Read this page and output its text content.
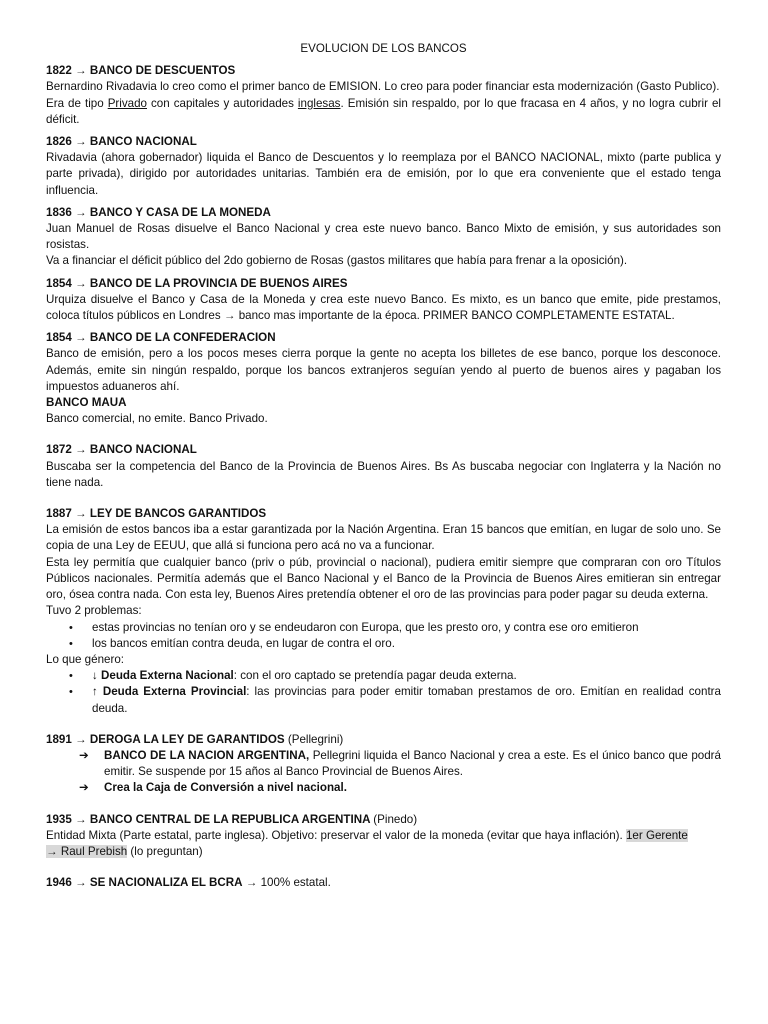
EVOLUCION DE LOS BANCOS

1822 → BANCO DE DESCUENTOS

Bernardino Rivadavia lo creo como el primer banco de EMISION. Lo creo para poder financiar esta modernización (Gasto Publico).

Era de tipo Privado con capitales y autoridades inglesas. Emisión sin respaldo, por lo que fracasa en 4 años, y no logra cubrir el déficit.

1826 → BANCO NACIONAL

Rivadavia (ahora gobernador) liquida el Banco de Descuentos y lo reemplaza por el BANCO NACIONAL, mixto (parte publica y parte privada), dirigido por autoridades unitarias. También era de emisión, por lo que era conveniente que el estado tenga influencia.

1836 → BANCO Y CASA DE LA MONEDA

Juan Manuel de Rosas disuelve el Banco Nacional y crea este nuevo banco. Banco Mixto de emisión, y sus autoridades son rosistas.

Va a financiar el déficit público del 2do gobierno de Rosas (gastos militares que había para frenar a la oposición).

1854 → BANCO DE LA PROVINCIA DE BUENOS AIRES

Urquiza disuelve el Banco y Casa de la Moneda y crea este nuevo Banco. Es mixto, es un banco que emite, pide prestamos, coloca títulos públicos en Londres → banco mas importante de la época. PRIMER BANCO COMPLETAMENTE ESTATAL.

1854 → BANCO DE LA CONFEDERACION

Banco de emisión, pero a los pocos meses cierra porque la gente no acepta los billetes de ese banco, porque los desconoce. Además, emite sin ningún respaldo, porque los bancos extranjeros seguían yendo al puerto de buenos aires y pagaban los impuestos aduaneros ahí.

BANCO MAUA

Banco comercial, no emite. Banco Privado.

1872 → BANCO NACIONAL

Buscaba ser la competencia del Banco de la Provincia de Buenos Aires. Bs As buscaba negociar con Inglaterra y la Nación no tiene nada.

1887 → LEY DE BANCOS GARANTIDOS

La emisión de estos bancos iba a estar garantizada por la Nación Argentina. Eran 15 bancos que emitían, en lugar de solo uno. Se copia de una Ley de EEUU, que allá si funciona pero acá no va a funcionar.

Esta ley permitía que cualquier banco (priv o púb, provincial o nacional), pudiera emitir siempre que compraran con oro Títulos Públicos nacionales. Permitía además que el Banco Nacional y el Banco de la Provincia de Buenos Aires emitieran sin entregar oro, ósea contra nada. Con esta ley, Buenos Aires pretendía obtener el oro de las provincias para poder pagar su deuda externa.

Tuvo 2 problemas:

• estas provincias no tenían oro y se endeudaron con Europa, que les presto oro, y contra ese oro emitieron
• los bancos emitían contra deuda, en lugar de contra el oro.

Lo que género:

• ↓ Deuda Externa Nacional: con el oro captado se pretendía pagar deuda externa.
• ↑ Deuda Externa Provincial: las provincias para poder emitir tomaban prestamos de oro. Emitían en realidad contra deuda.
1891 → DEROGA LA LEY DE GARANTIDOS (Pellegrini)
➔ BANCO DE LA NACION ARGENTINA, Pellegrini liquida el Banco Nacional y crea a este. Es el único banco que podrá emitir. Se suspende por 15 años al Banco Provincial de Buenos Aires.
➔ Crea la Caja de Conversión a nivel nacional.
1935 → BANCO CENTRAL DE LA REPUBLICA ARGENTINA (Pinedo)

Entidad Mixta (Parte estatal, parte inglesa). Objetivo: preservar el valor de la moneda (evitar que haya inflación). 1er Gerente
→ Raul Prebish (lo preguntan)

1946 → SE NACIONALIZA EL BCRA → 100% estatal.
